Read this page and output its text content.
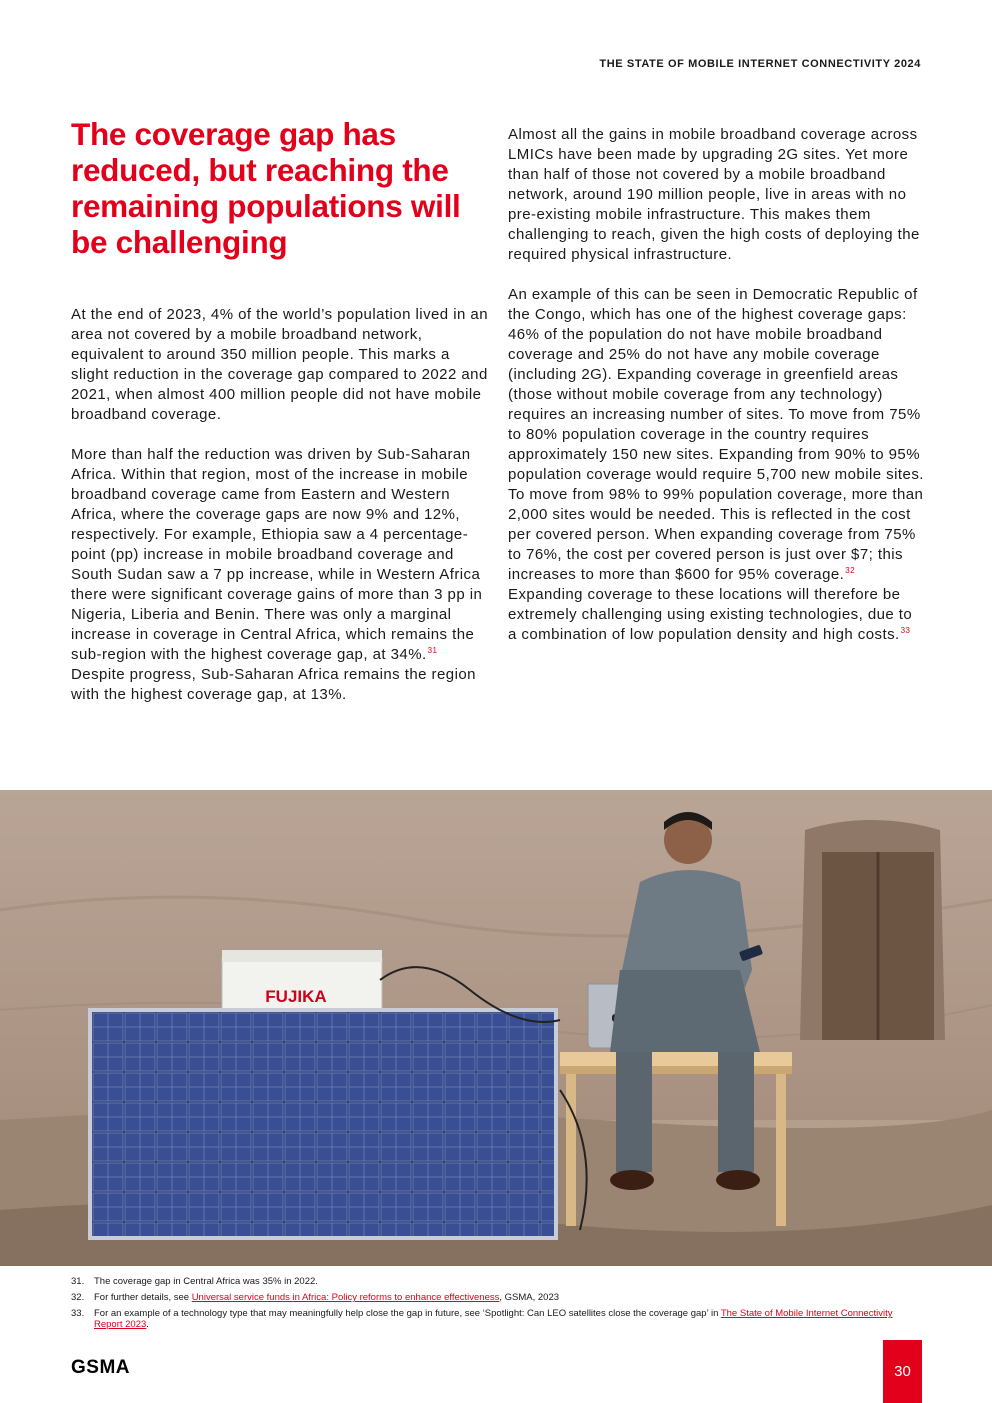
THE STATE OF MOBILE INTERNET CONNECTIVITY 2024
The coverage gap has reduced, but reaching the remaining populations will be challenging

At the end of 2023, 4% of the world’s population lived in an area not covered by a mobile broadband network, equivalent to around 350 million people. This marks a slight reduction in the coverage gap compared to 2022 and 2021, when almost 400 million people did not have mobile broadband coverage.

More than half the reduction was driven by Sub-Saharan Africa. Within that region, most of the increase in mobile broadband coverage came from Eastern and Western Africa, where the coverage gaps are now 9% and 12%, respectively. For example, Ethiopia saw a 4 percentage-point (pp) increase in mobile broadband coverage and South Sudan saw a 7 pp increase, while in Western Africa there were significant coverage gains of more than 3 pp in Nigeria, Liberia and Benin. There was only a marginal increase in coverage in Central Africa, which remains the sub-region with the highest coverage gap, at 34%.$^{31}$ Despite progress, Sub-Saharan Africa remains the region with the highest coverage gap, at 13%.

Almost all the gains in mobile broadband coverage across LMICs have been made by upgrading 2G sites. Yet more than half of those not covered by a mobile broadband network, around 190 million people, live in areas with no pre-existing mobile infrastructure. This makes them challenging to reach, given the high costs of deploying the required physical infrastructure.

An example of this can be seen in Democratic Republic of the Congo, which has one of the highest coverage gaps: 46% of the population do not have mobile broadband coverage and 25% do not have any mobile coverage (including 2G). Expanding coverage in greenfield areas (those without mobile coverage from any technology) requires an increasing number of sites. To move from 75% to 80% population coverage in the country requires approximately 150 new sites. Expanding from 90% to 95% population coverage would require 5,700 new mobile sites. To move from 98% to 99% population coverage, more than 2,000 sites would be needed. This is reflected in the cost per covered person. When expanding coverage from 75% to 76%, the cost per covered person is just over $7; this increases to more than $600 for 95% coverage.$^{32}$ Expanding coverage to these locations will therefore be extremely challenging using existing technologies, due to a combination of low population density and high costs.$^{33}$

FUJIKA
31.	The coverage gap in Central Africa was 35% in 2022.
32.	For further details, see Universal service funds in Africa: Policy reforms to enhance effectiveness, GSMA, 2023
33.	For an example of a technology type that may meaningfully help close the gap in future, see ‘Spotlight: Can LEO satellites close the coverage gap’ in The State of Mobile Internet Connectivity Report 2023.
GSMA	30
